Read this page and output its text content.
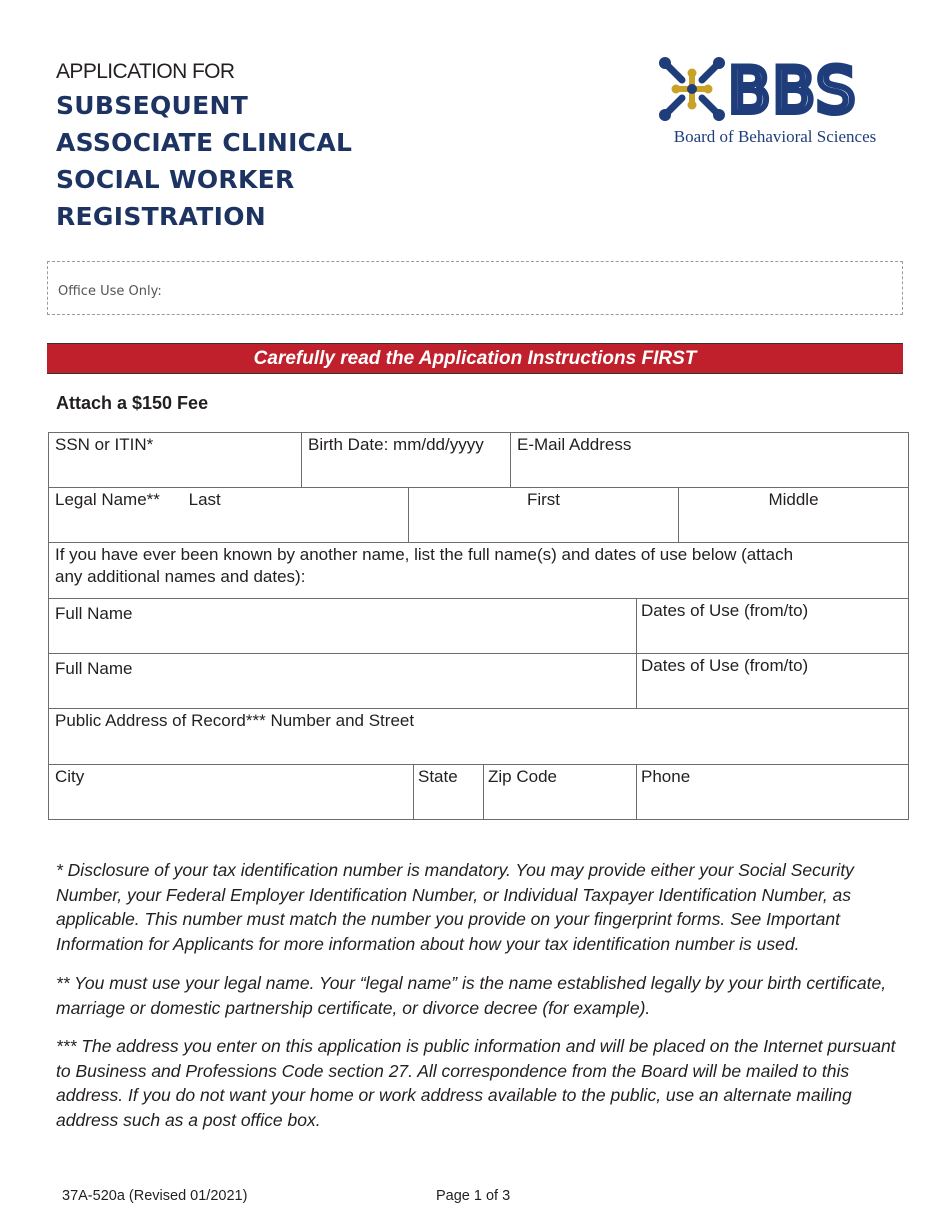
APPLICATION FOR
SUBSEQUENT
ASSOCIATE CLINICAL
SOCIAL WORKER
REGISTRATION
BBS
Board of Behavioral Sciences
Office Use Only:
Carefully read the Application Instructions FIRST
Attach a $150 Fee
SSN or ITIN*	Birth Date: mm/dd/yyyy	E-Mail Address
Legal Name** Last	First	Middle
If you have ever been known by another name, list the full name(s) and dates of use below (attach any additional names and dates):
Full Name	Dates of Use (from/to)
Full Name	Dates of Use (from/to)
Public Address of Record*** Number and Street
City	State	Zip Code	Phone

* Disclosure of your tax identification number is mandatory. You may provide either your Social Security Number, your Federal Employer Identification Number, or Individual Taxpayer Identification Number, as applicable. This number must match the number you provide on your fingerprint forms. See Important Information for Applicants for more information about how your tax identification number is used.

** You must use your legal name. Your “legal name” is the name established legally by your birth certificate, marriage or domestic partnership certificate, or divorce decree (for example).

*** The address you enter on this application is public information and will be placed on the Internet pursuant to Business and Professions Code section 27. All correspondence from the Board will be mailed to this address. If you do not want your home or work address available to the public, use an alternate mailing address such as a post office box.

37A-520a (Revised 01/2021)	Page 1 of 3
